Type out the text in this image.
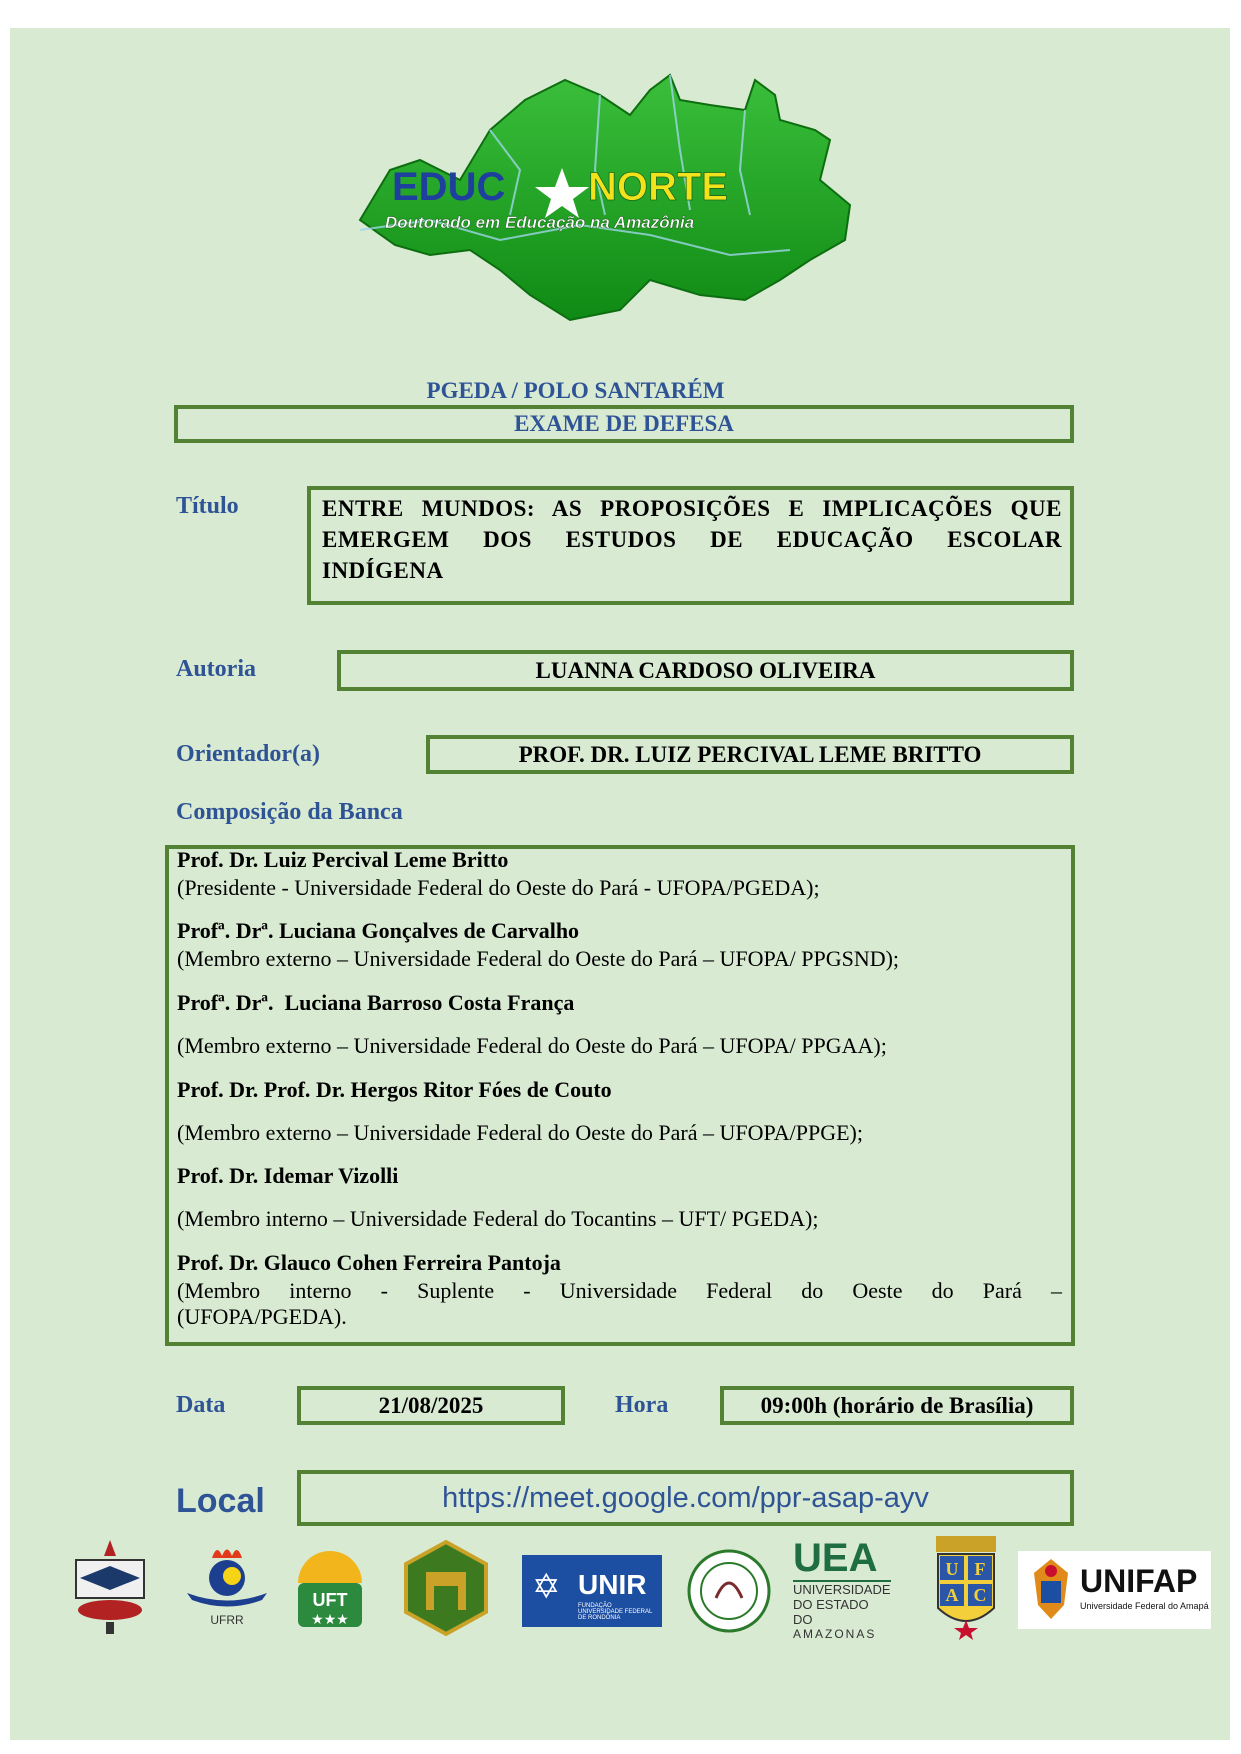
EDUC NORTE
Doutorado em Educação na Amazônia
PGEDA / POLO SANTARÉM
EXAME DE DEFESA
Título	ENTRE MUNDOS: AS PROPOSIÇÕES E IMPLICAÇÕES QUE
EMERGEM DOS ESTUDOS DE EDUCAÇÃO ESCOLAR
INDÍGENA
Autoria	LUANNA CARDOSO OLIVEIRA
Orientador(a)	PROF. DR. LUIZ PERCIVAL LEME BRITTO
Composição da Banca
Prof. Dr. Luiz Percival Leme Britto
(Presidente - Universidade Federal do Oeste do Pará - UFOPA/PGEDA);
Profª. Drª. Luciana Gonçalves de Carvalho
(Membro externo – Universidade Federal do Oeste do Pará – UFOPA/ PPGSND);
Profª. Drª.  Luciana Barroso Costa França
(Membro externo – Universidade Federal do Oeste do Pará – UFOPA/ PPGAA);
Prof. Dr. Prof. Dr. Hergos Ritor Fóes de Couto
(Membro externo – Universidade Federal do Oeste do Pará – UFOPA/PPGE);
Prof. Dr. Idemar Vizolli
(Membro interno – Universidade Federal do Tocantins – UFT/ PGEDA);
Prof. Dr. Glauco Cohen Ferreira Pantoja
(Membro interno - Suplente - Universidade Federal do Oeste do Pará –
(UFOPA/PGEDA).
Data	21/08/2025	Hora	09:00h (horário de Brasília)
Local	https://meet.google.com/ppr-asap-ayv
UFRR
UFT
★★★
✡ UNIR
FUNDAÇÃO UNIVERSIDADE FEDERAL DE RONDÔNIA
UEA
UNIVERSIDADE
DO ESTADO DO
AMAZONAS
U F
A C	UNIFAP
Universidade Federal do Amapá
